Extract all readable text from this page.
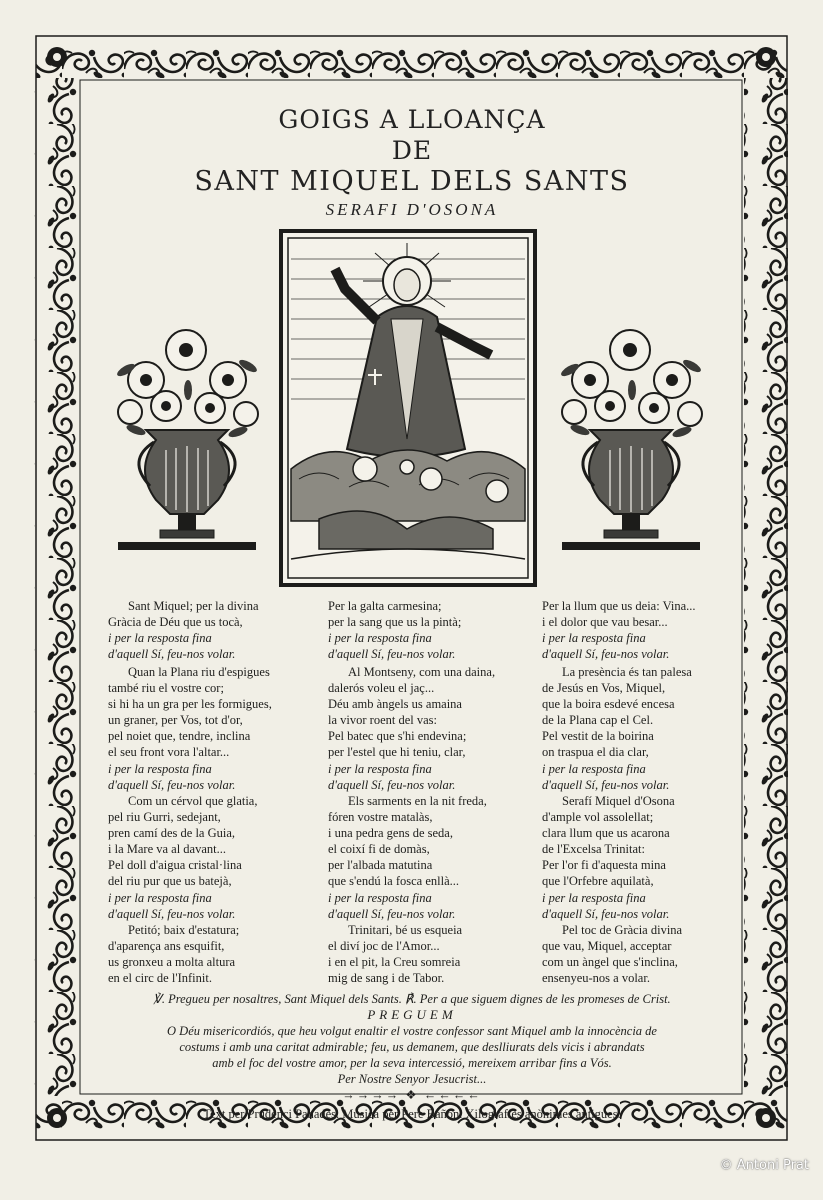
GOIGS A LLOANÇA
DE
SANT MIQUEL DELS SANTS
SERAFI D'OSONA
Sant Miquel; per la divina
Gràcia de Déu que us tocà,
i per la resposta fina
d'aquell Sí, feu-nos volar.
Per la galta carmesina;
per la sang que us la pintà;
i per la resposta fina
d'aquell Sí, feu-nos volar.
Per la llum que us deia: Vina...
i el dolor que vau besar...
i per la resposta fina
d'aquell Sí, feu-nos volar.
Quan la Plana riu d'espigues
també riu el vostre cor;
si hi ha un gra per les formigues,
un graner, per Vos, tot d'or,
pel noiet que, tendre, inclina
el seu front vora l'altar...
i per la resposta fina
d'aquell Sí, feu-nos volar.
Al Montseny, com una daina,
dalerós voleu el jaç...
Déu amb àngels us amaina
la vivor roent del vas:
Pel batec que s'hi endevina;
per l'estel que hi teniu, clar,
i per la resposta fina
d'aquell Sí, feu-nos volar.
La presència és tan palesa
de Jesús en Vos, Miquel,
que la boira esdevé encesa
de la Plana cap el Cel.
Pel vestit de la boirina
on traspua el dia clar,
i per la resposta fina
d'aquell Sí, feu-nos volar.
Com un cérvol que glatia,
pel riu Gurri, sedejant,
pren camí des de la Guia,
i la Mare va al davant...
Pel doll d'aigua cristal·lina
del riu pur que us batejà,
i per la resposta fina
d'aquell Sí, feu-nos volar.
Els sarments en la nit freda,
fóren vostre matalàs,
i una pedra gens de seda,
el coixí fi de domàs,
per l'albada matutina
que s'endú la fosca enllà...
i per la resposta fina
d'aquell Sí, feu-nos volar.
Serafí Miquel d'Osona
d'ample vol assolellat;
clara llum que us acarona
de l'Excelsa Trinitat:
Per l'or fi d'aquesta mina
que l'Orfebre aquilatà,
i per la resposta fina
d'aquell Sí, feu-nos volar.
Petitó; baix d'estatura;
d'aparença ans esquifit,
us gronxeu a molta altura
en el circ de l'Infinit.
Trinitari, bé us esqueia
el diví joc de l'Amor...
i en el pit, la Creu somreia
mig de sang i de Tabor.
Pel toc de Gràcia divina
que vau, Miquel, acceptar
com un àngel que s'inclina,
ensenyeu-nos a volar.
℣. Pregueu per nosaltres, Sant Miquel dels Sants. ℟. Per a que siguem dignes de les promeses de Crist.
PREGUEM
O Déu misericordiós, que heu volgut enaltir el vostre confessor sant Miquel amb la innocència de
costums i amb una caritat admirable; feu, us demanem, que deslliurats dels vicis i abrandats
amb el foc del vostre amor, per la seva intercessió, mereixem arribar fins a Vós.
Per Nostre Senyor Jesucrist...
→→→→ ❖ ←←←←
Text per Prudenci Panadès. Música per Pere Bañón. Xilografies anònimes antigues.
© Antoni Prat
